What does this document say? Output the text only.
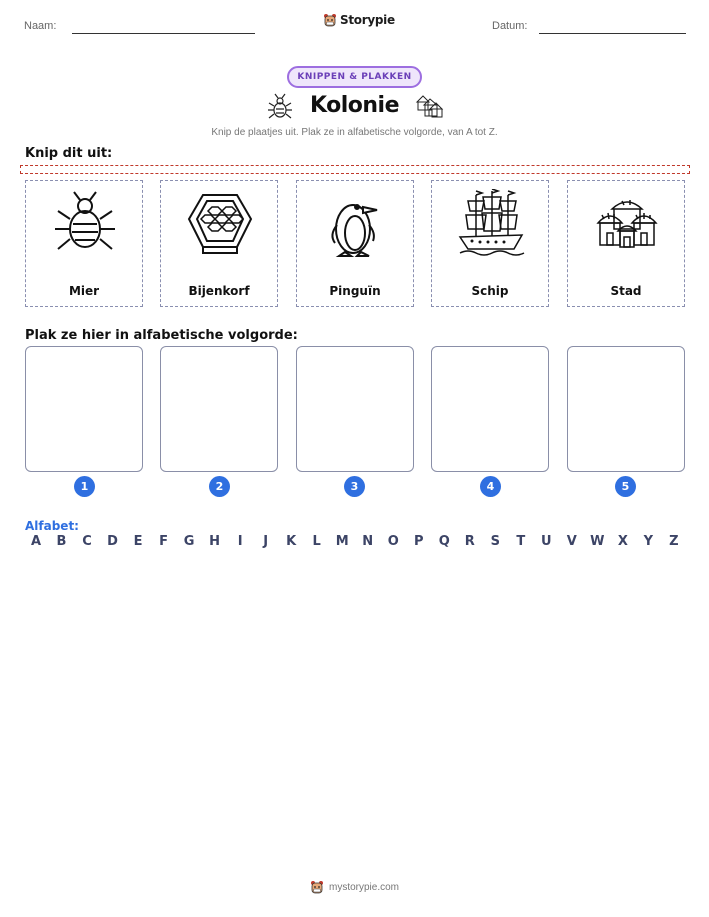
Naam:	Storypie	Datum:
KNIPPEN & PLAKKEN
Kolonie
Knip de plaatjes uit. Plak ze in alfabetische volgorde, van A tot Z.
Knip dit uit:
Mier	Bijenkorf	Pinguïn	Schip	Stad
Plak ze hier in alfabetische volgorde:
1	2	3	4	5
Alfabet:
A	B	C	D	E	F	G	H	I	J	K	L	M	N	O	P	Q	R	S	T	U	V	W	X	Y	Z
mystorypie.com
